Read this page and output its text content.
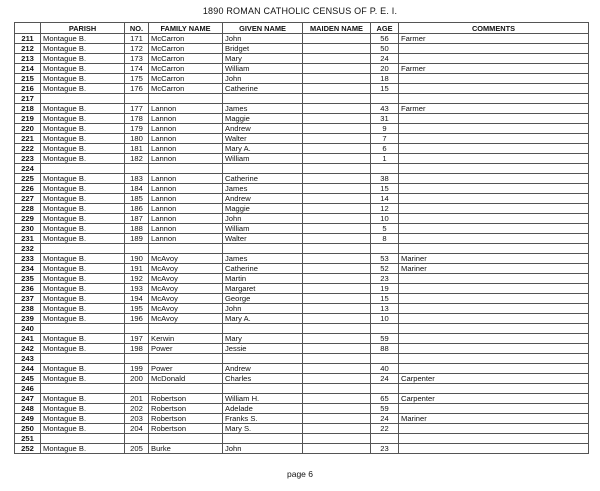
1890 ROMAN CATHOLIC CENSUS OF P. E. I.
	PARISH	NO.	FAMILY NAME	GIVEN NAME	MAIDEN NAME	AGE	COMMENTS
211	Montague B.	171	McCarron	John		56	Farmer
212	Montague B.	172	McCarron	Bridget		50	
213	Montague B.	173	McCarron	Mary		24	
214	Montague B.	174	McCarron	William		20	Farmer
215	Montague B.	175	McCarron	John		18	
216	Montague B.	176	McCarron	Catherine		15	
217							
218	Montague B.	177	Lannon	James		43	Farmer
219	Montague B.	178	Lannon	Maggie		31	
220	Montague B.	179	Lannon	Andrew		9	
221	Montague B.	180	Lannon	Walter		7	
222	Montague B.	181	Lannon	Mary A.		6	
223	Montague B.	182	Lannon	William		1	
224							
225	Montague B.	183	Lannon	Catherine		38	
226	Montague B.	184	Lannon	James		15	
227	Montague B.	185	Lannon	Andrew		14	
228	Montague B.	186	Lannon	Maggie		12	
229	Montague B.	187	Lannon	John		10	
230	Montague B.	188	Lannon	William		5	
231	Montague B.	189	Lannon	Walter		8	
232							
233	Montague B.	190	McAvoy	James		53	Mariner
234	Montague B.	191	McAvoy	Catherine		52	Mariner
235	Montague B.	192	McAvoy	Martin		23	
236	Montague B.	193	McAvoy	Margaret		19	
237	Montague B.	194	McAvoy	George		15	
238	Montague B.	195	McAvoy	John		13	
239	Montague B.	196	McAvoy	Mary A.		10	
240							
241	Montague B.	197	Kerwin	Mary		59	
242	Montague B.	198	Power	Jessie		88	
243							
244	Montague B.	199	Power	Andrew		40	
245	Montague B.	200	McDonald	Charles		24	Carpenter
246							
247	Montague B.	201	Robertson	William H.		65	Carpenter
248	Montague B.	202	Robertson	Adelade		59	
249	Montague B.	203	Robertson	Franks S.		24	Mariner
250	Montague B.	204	Robertson	Mary S.		22	
251							
252	Montague B.	205	Burke	John		23	
page 6
